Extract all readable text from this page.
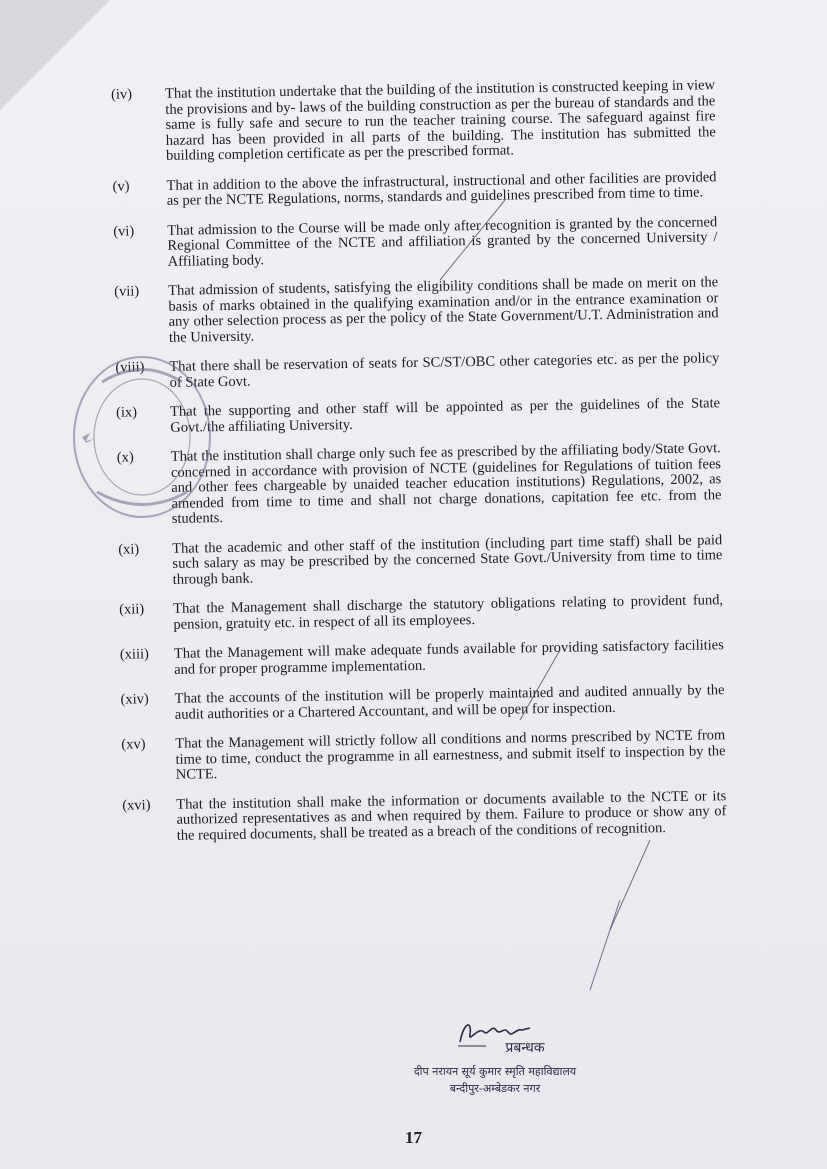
(iv)	That the institution undertake that the building of the institution is constructed keeping in view the provisions and by- laws of the building construction as per the bureau of standards and the same is fully safe and secure to run the teacher training course. The safeguard against fire hazard has been provided in all parts of the building. The institution has submitted the building completion certificate as per the prescribed format.
(v)	That in addition to the above the infrastructural, instructional and other facilities are provided as per the NCTE Regulations, norms, standards and guidelines prescribed from time to time.
(vi)	That admission to the Course will be made only after recognition is granted by the concerned Regional Committee of the NCTE and affiliation is granted by the concerned University / Affiliating body.
(vii)	That admission of students, satisfying the eligibility conditions shall be made on merit on the basis of marks obtained in the qualifying examination and/or in the entrance examination or any other selection process as per the policy of the State Government/U.T. Administration and the University.
(viii)	That there shall be reservation of seats for SC/ST/OBC other categories etc. as per the policy of State Govt.
(ix)	That the supporting and other staff will be appointed as per the guidelines of the State Govt./the affiliating University.
(x)	That the institution shall charge only such fee as prescribed by the affiliating body/State Govt. concerned in accordance with provision of NCTE (guidelines for Regulations of tuition fees and other fees chargeable by unaided teacher education institutions) Regulations, 2002, as amended from time to time and shall not charge donations, capitation fee etc. from the students.
(xi)	That the academic and other staff of the institution (including part time staff) shall be paid such salary as may be prescribed by the concerned State Govt./University from time to time through bank.
(xii)	That the Management shall discharge the statutory obligations relating to provident fund, pension, gratuity etc. in respect of all its employees.
(xiii)	That the Management will make adequate funds available for providing satisfactory facilities and for proper programme implementation.
(xiv)	That the accounts of the institution will be properly maintained and audited annually by the audit authorities or a Chartered Accountant, and will be open for inspection.
(xv)	That the Management will strictly follow all conditions and norms prescribed by NCTE from time to time, conduct the programme in all earnestness, and submit itself to inspection by the NCTE.
(xvi)	That the institution shall make the information or documents available to the NCTE or its authorized representatives as and when required by them. Failure to produce or show any of the required documents, shall be treated as a breach of the conditions of recognition.
प्रबन्धक
दीप नरायन सूर्य कुमार स्मृति महाविद्यालय
बन्दीपुर-अम्बेडकर नगर
17
